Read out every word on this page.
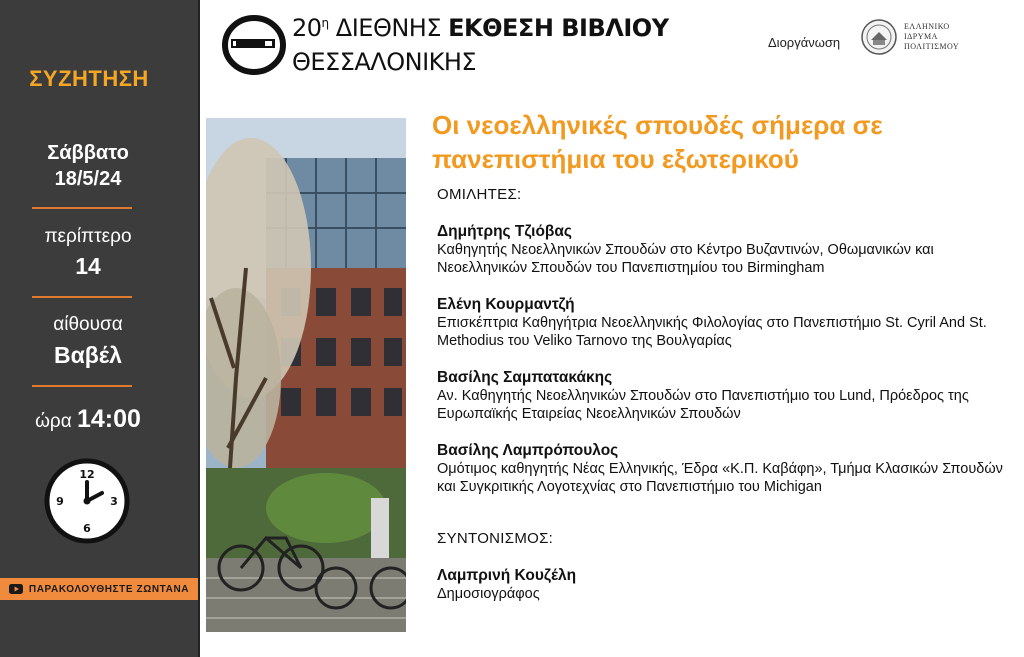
ΣΥΖΗΤΗΣΗ
Σάββατο
18/5/24
περίπτερο
14
αίθουσα
Βαβέλ
ώρα 14:00
12
3
6
9
ΠΑΡΑΚΟΛΟΥΘΗΣΤΕ ΖΩΝΤΑΝΑ
$20^\eta$ ΔΙΕΘΝΗΣ ΕΚΘΕΣΗ ΒΙΒΛΙΟΥ
ΘΕΣΣΑΛΟΝΙΚΗΣ
Διοργάνωση
ΕΛΛΗΝΙΚΟ
ΙΔΡΥΜΑ
ΠΟΛΙΤΙΣΜΟΥ
Οι νεοελληνικές σπουδές σήμερα σε πανεπιστήμια του εξωτερικού
ΟΜΙΛΗΤΕΣ:
Δημήτρης Τζιόβας
Καθηγητής Νεοελληνικών Σπουδών στο Κέντρο Βυζαντινών, Οθωμανικών και Νεοελληνικών Σπουδών του Πανεπιστημίου του Birmingham
Ελένη Κουρμαντζή
Επισκέπτρια Καθηγήτρια Νεοελληνικής Φιλολογίας στο Πανεπιστήμιο St. Cyril And St. Methodius του Veliko Tarnovo της Βουλγαρίας
Βασίλης Σαμπατακάκης
Αν. Καθηγητής Νεοελληνικών Σπουδών στο Πανεπιστήμιο του Lund, Πρόεδρος της Ευρωπαϊκής Εταιρείας Νεοελληνικών Σπουδών
Βασίλης Λαμπρόπουλος
Ομότιμος καθηγητής Νέας Ελληνικής, Έδρα «Κ.Π. Καβάφη», Τμήμα Κλασικών Σπουδών και Συγκριτικής Λογοτεχνίας στο Πανεπιστήμιο του Michigan
ΣΥΝΤΟΝΙΣΜΟΣ:
Λαμπρινή Κουζέλη
Δημοσιογράφος
